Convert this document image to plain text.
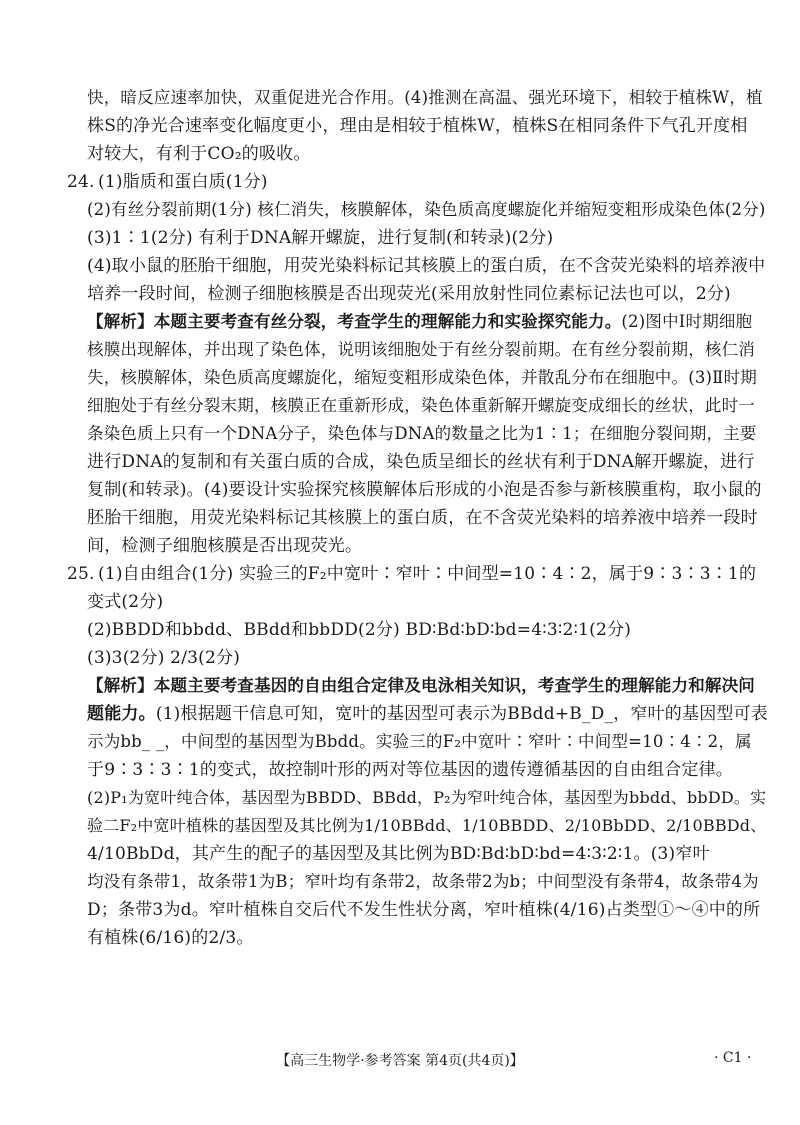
快，暗反应速率加快，双重促进光合作用。(4)推测在高温、强光环境下，相较于植株W，植
株S的净光合速率变化幅度更小，理由是相较于植株W，植株S在相同条件下气孔开度相
对较大，有利于CO₂的吸收。
24. (1)脂质和蛋白质(1分)
(2)有丝分裂前期(1分) 核仁消失，核膜解体，染色质高度螺旋化并缩短变粗形成染色体(2分)
(3)1∶1(2分) 有利于DNA解开螺旋，进行复制(和转录)(2分)
(4)取小鼠的胚胎干细胞，用荧光染料标记其核膜上的蛋白质，在不含荧光染料的培养液中
培养一段时间，检测子细胞核膜是否出现荧光(采用放射性同位素标记法也可以，2分)
【解析】本题主要考查有丝分裂，考查学生的理解能力和实验探究能力。(2)图中Ⅰ时期细胞
核膜出现解体，并出现了染色体，说明该细胞处于有丝分裂前期。在有丝分裂前期，核仁消
失，核膜解体，染色质高度螺旋化，缩短变粗形成染色体，并散乱分布在细胞中。(3)Ⅱ时期
细胞处于有丝分裂末期，核膜正在重新形成，染色体重新解开螺旋变成细长的丝状，此时一
条染色质上只有一个DNA分子，染色体与DNA的数量之比为1∶1；在细胞分裂间期，主要
进行DNA的复制和有关蛋白质的合成，染色质呈细长的丝状有利于DNA解开螺旋，进行
复制(和转录)。(4)要设计实验探究核膜解体后形成的小泡是否参与新核膜重构，取小鼠的
胚胎干细胞，用荧光染料标记其核膜上的蛋白质，在不含荧光染料的培养液中培养一段时
间，检测子细胞核膜是否出现荧光。
25. (1)自由组合(1分) 实验三的F₂中宽叶∶窄叶∶中间型=10∶4∶2，属于9∶3∶3∶1的
变式(2分)
(2)BBDD和bbdd、BBdd和bbDD(2分) BD∶Bd∶bD∶bd=4∶3∶2∶1(2分)
(3)3(2分) 2/3(2分)
【解析】本题主要考查基因的自由组合定律及电泳相关知识，考查学生的理解能力和解决问
题能力。(1)根据题干信息可知，宽叶的基因型可表示为BBdd+B_D_，窄叶的基因型可表
示为bb_ _，中间型的基因型为Bbdd。实验三的F₂中宽叶∶窄叶∶中间型=10∶4∶2，属
于9∶3∶3∶1的变式，故控制叶形的两对等位基因的遗传遵循基因的自由组合定律。
(2)P₁为宽叶纯合体，基因型为BBDD、BBdd，P₂为窄叶纯合体，基因型为bbdd、bbDD。实
验二F₂中宽叶植株的基因型及其比例为1/10BBdd、1/10BBDD、2/10BbDD、2/10BBDd、
4/10BbDd，其产生的配子的基因型及其比例为BD∶Bd∶bD∶bd=4∶3∶2∶1。(3)窄叶
均没有条带1，故条带1为B；窄叶均有条带2，故条带2为b；中间型没有条带4，故条带4为
D；条带3为d。窄叶植株自交后代不发生性状分离，窄叶植株(4/16)占类型①～④中的所
有植株(6/16)的2/3。
【高三生物学·参考答案 第4页(共4页)】	· C1 ·
